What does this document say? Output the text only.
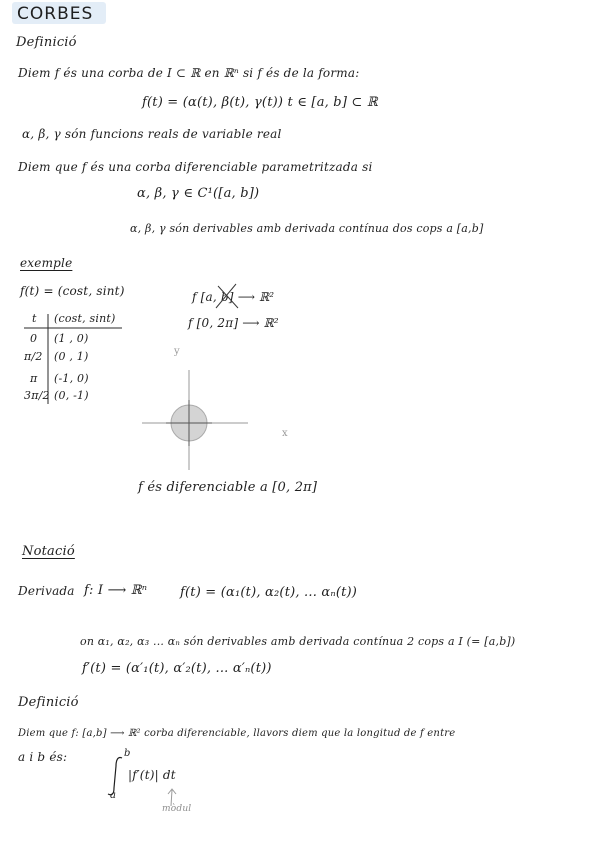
CORBES
Definició
Diem f és una corba de I ⊂ ℝ en ℝⁿ si f és de la forma:
f(t) = (α(t), β(t), γ(t)) t ∈ [a, b] ⊂ ℝ
α, β, γ són funcions reals de variable real
Diem que f és una corba diferenciable parametritzada si
α, β, γ ∈ C¹([a, b])
α, β, γ són derivables amb derivada contínua dos cops a [a,b]
exemple
f(t) = (cost, sint)	f [a, b] ⟶ ℝ²
f [0, 2π] ⟶ ℝ²
t (cost, sint)
0 (1 , 0)
π/2 (0 , 1)
π (-1, 0)
3π/2 (0, -1)
y
x
f és diferenciable a [0, 2π]
Notació
Derivada f: I ⟶ ℝⁿ	f(t) = (α₁(t), α₂(t), ... αₙ(t))
on α₁, α₂, α₃ ... αₙ són derivables amb derivada contínua 2 cops a I (= [a,b])
f′(t) = (α′₁(t), α′₂(t), ... α′ₙ(t))
Definició
Diem que f: [a,b] ⟶ ℝ² corba diferenciable, llavors diem que la longitud de f entre
a i b és:	b
a
|f′(t)| dt
mòdul
